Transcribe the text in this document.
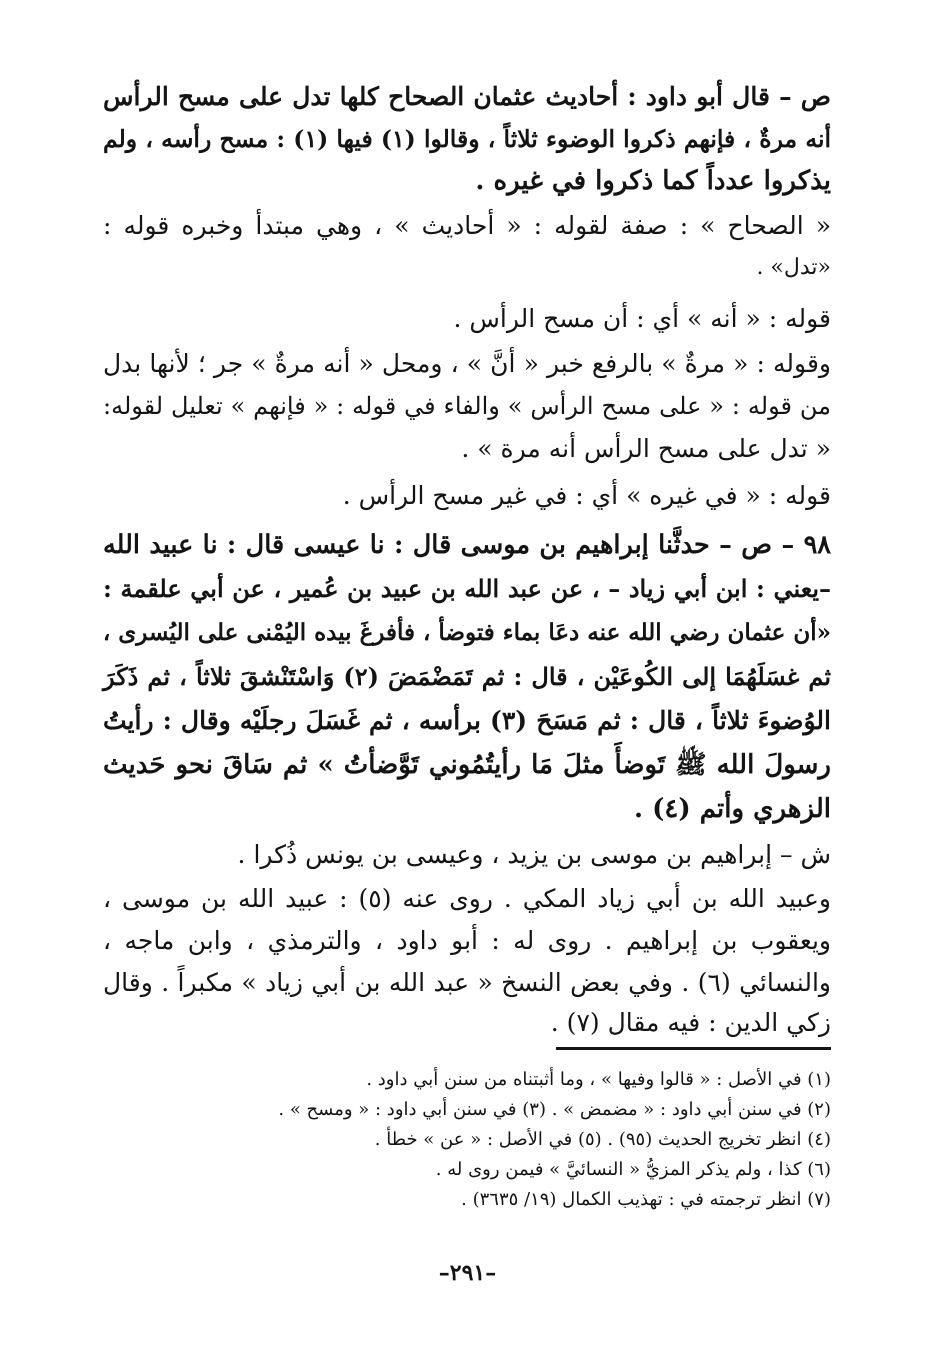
ص – قال أبو داود : أحاديث عثمان الصحاح كلها تدل على مسح الرأس
أنه مرةٌ ، فإنهم ذكروا الوضوء ثلاثاً ، وقالوا (١) فيها (١) : مسح رأسه ، ولم
يذكروا عدداً كما ذكروا في غيره .
« الصحاح » : صفة لقوله : « أحاديث » ، وهي مبتدأ وخبره قوله :
«تدل» .
قوله : « أنه » أي : أن مسح الرأس .
وقوله : « مرةٌ » بالرفع خبر « أنَّ » ، ومحل « أنه مرةٌ » جر ؛ لأنها بدل
من قوله : « على مسح الرأس » والفاء في قوله : « فإنهم » تعليل لقوله:
« تدل على مسح الرأس أنه مرة » .
قوله : « في غيره » أي : في غير مسح الرأس .
٩٨ – ص – حدثَّنا إبراهيم بن موسى قال : نا عيسى قال : نا عبيد الله
–يعني : ابن أبي زياد – ، عن عبد الله بن عبيد بن عُمير ، عن أبي علقمة :
«أن عثمان رضي الله عنه دعَا بماء فتوضأ ، فأفرغَ بيده اليُمْنى على اليُسرى ،
ثم غسَلَهُمَا إلى الكُوعَيْن ، قال : ثم تَمَضْمَضَ (٢) وَاسْتَنْشقَ ثلاثاً ، ثم ذَكَرَ
الوُضوءَ ثلاثاً ، قال : ثم مَسَحَ (٣) برأسه ، ثم غَسَلَ رجلَيْه وقال : رأيتُ
رسولَ الله ﷺ تَوضأَ مثلَ مَا رأيتُمُوني تَوَّضأتُ » ثم سَاقَ نحو حَديث
الزهري وأتم (٤) .
ش – إبراهيم بن موسى بن يزيد ، وعيسى بن يونس ذُكرا .
وعبيد الله بن أبي زياد المكي . روى عنه (٥) : عبيد الله بن موسى ،
ويعقوب بن إبراهيم . روى له : أبو داود ، والترمذي ، وابن ماجه ،
والنسائي (٦) . وفي بعض النسخ « عبد الله بن أبي زياد » مكبراً . وقال
زكي الدين : فيه مقال (٧) .
(١) في الأصل : « قالوا وفيها » ، وما أثبتناه من سنن أبي داود .
(٢) في سنن أبي داود : « مضمض » . (٣) في سنن أبي داود : « ومسح » .
(٤) انظر تخريج الحديث (٩٥) . (٥) في الأصل : « عن » خطأ .
(٦) كذا ، ولم يذكر المزيُّ « النسائيَّ » فيمن روى له .
(٧) انظر ترجمته في : تهذيب الكمال (١٩/ ٣٦٣٥) .
–٢٩١–
